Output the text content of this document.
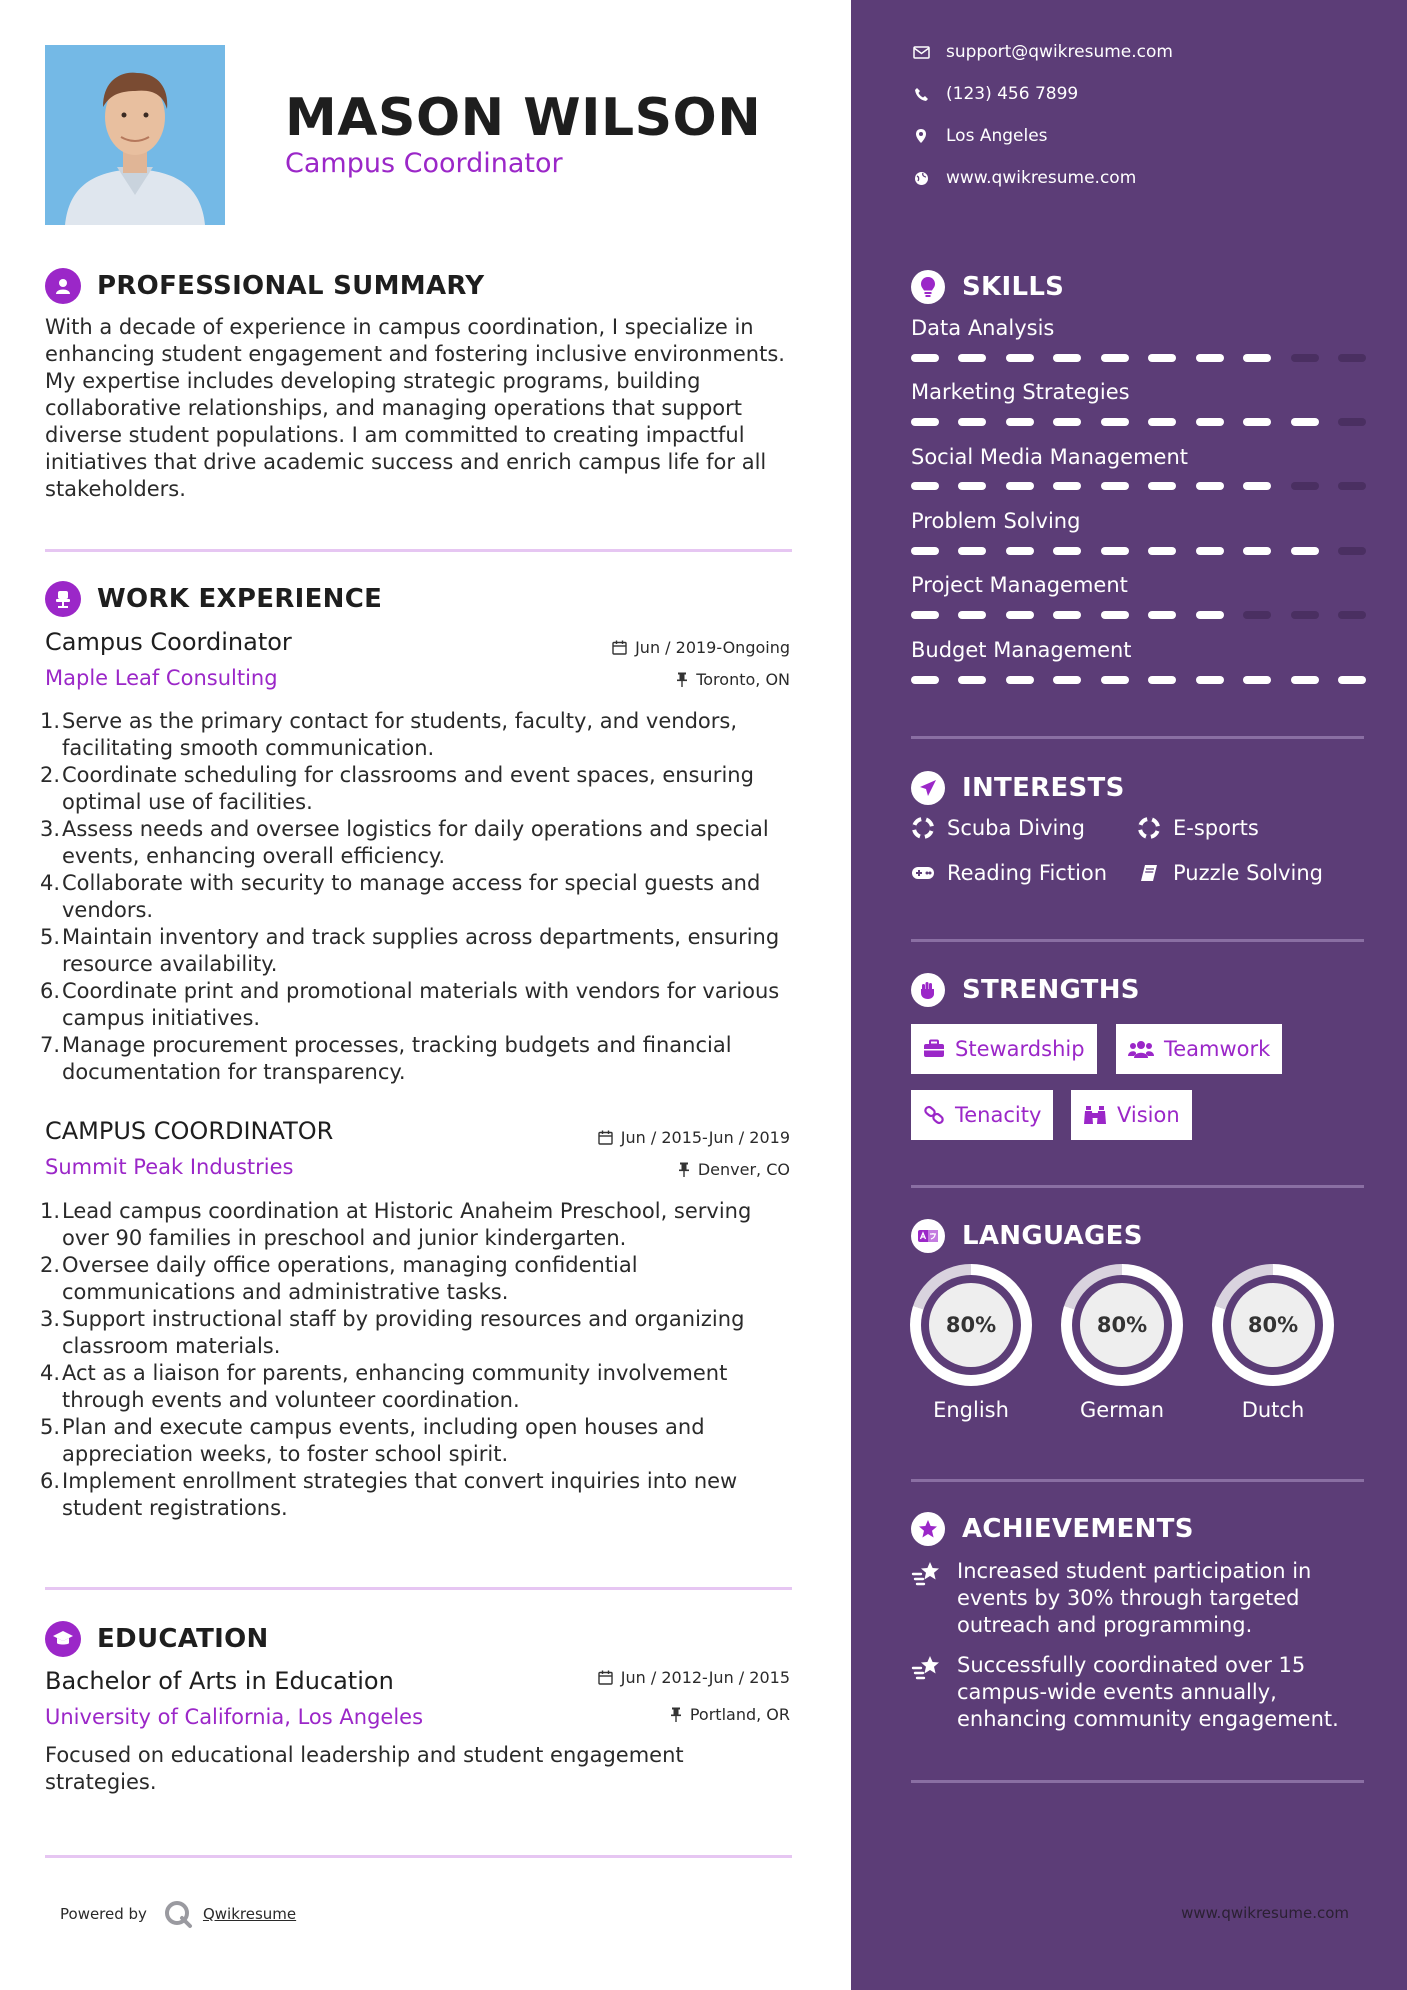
MASON WILSON
Campus Coordinator
PROFESSIONAL SUMMARY
With a decade of experience in campus coordination, I specialize in enhancing student engagement and fostering inclusive environments. My expertise includes developing strategic programs, building collaborative relationships, and managing operations that support diverse student populations. I am committed to creating impactful initiatives that drive academic success and enrich campus life for all stakeholders.
WORK EXPERIENCE
Campus Coordinator
Maple Leaf Consulting
Jun / 2019-Ongoing
Toronto, ON
1. Serve as the primary contact for students, faculty, and vendors, facilitating smooth communication.
2. Coordinate scheduling for classrooms and event spaces, ensuring optimal use of facilities.
3. Assess needs and oversee logistics for daily operations and special events, enhancing overall efficiency.
4. Collaborate with security to manage access for special guests and vendors.
5. Maintain inventory and track supplies across departments, ensuring resource availability.
6. Coordinate print and promotional materials with vendors for various campus initiatives.
7. Manage procurement processes, tracking budgets and financial documentation for transparency.
CAMPUS COORDINATOR
Summit Peak Industries
Jun / 2015-Jun / 2019
Denver, CO
1. Lead campus coordination at Historic Anaheim Preschool, serving over 90 families in preschool and junior kindergarten.
2. Oversee daily office operations, managing confidential communications and administrative tasks.
3. Support instructional staff by providing resources and organizing classroom materials.
4. Act as a liaison for parents, enhancing community involvement through events and volunteer coordination.
5. Plan and execute campus events, including open houses and appreciation weeks, to foster school spirit.
6. Implement enrollment strategies that convert inquiries into new student registrations.
EDUCATION
Bachelor of Arts in Education
University of California, Los Angeles
Jun / 2012-Jun / 2015
Portland, OR
Focused on educational leadership and student engagement strategies.
Powered by	Qwikresume
support@qwikresume.com
(123) 456 7899
Los Angeles
www.qwikresume.com
SKILLS
Data Analysis
Marketing Strategies
Social Media Management
Problem Solving
Project Management
Budget Management
INTERESTS
Scuba Diving	E-sports
Reading Fiction	Puzzle Solving
STRENGTHS
Stewardship	Teamwork
Tenacity	Vision
LANGUAGES
80%
English
80%
German
80%
Dutch
ACHIEVEMENTS
Increased student participation in events by 30% through targeted outreach and programming.
Successfully coordinated over 15 campus-wide events annually, enhancing community engagement.
www.qwikresume.com
